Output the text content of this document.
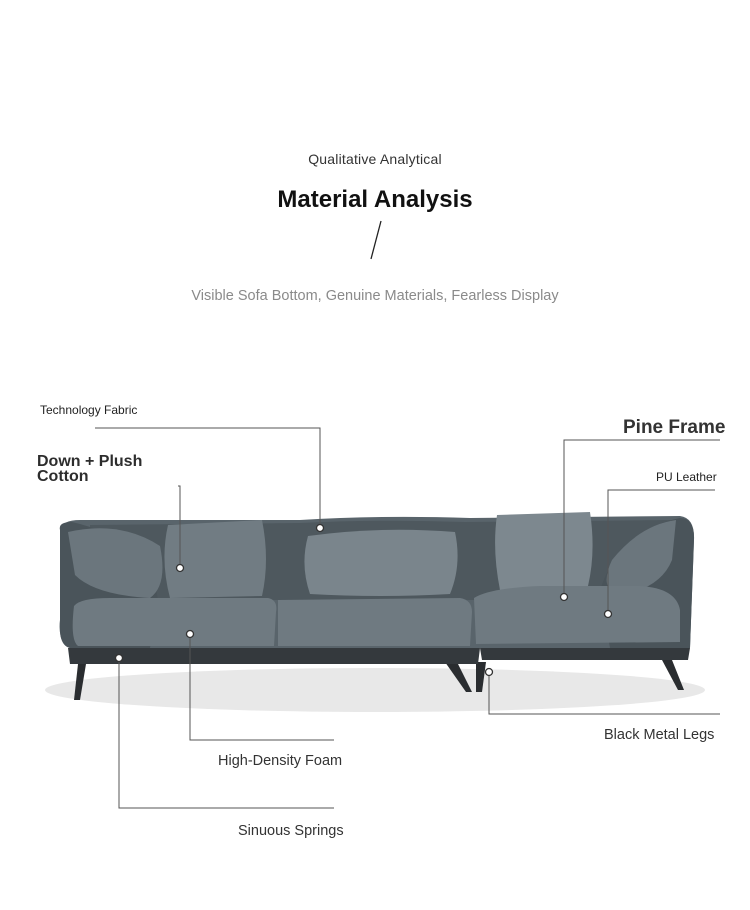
Qualitative Analytical
Material Analysis
Visible Sofa Bottom, Genuine Materials, Fearless Display
Technology Fabric
Down + Plush
Cotton
Pine Frame
PU Leather
Black Metal Legs
High-Density Foam
Sinuous Springs
